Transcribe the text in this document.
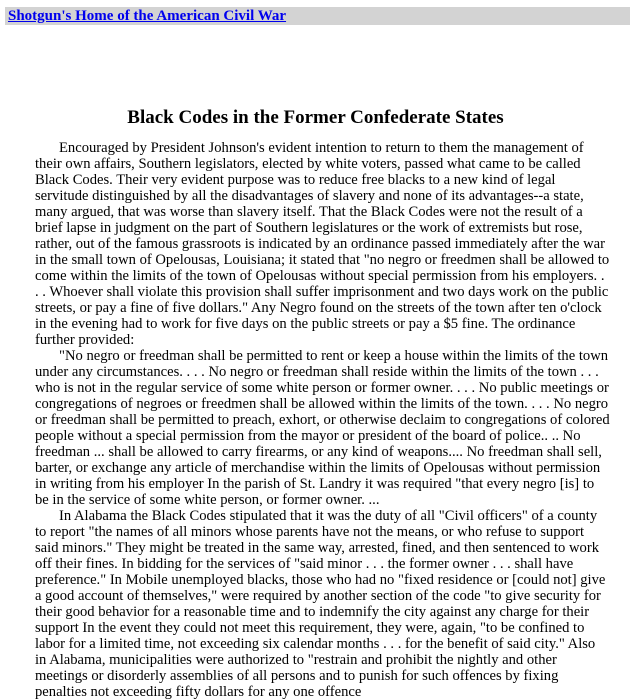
Shotgun's Home of the American Civil War
Black Codes in the Former Confederate States

Encouraged by President Johnson's evident intention to return to them the management of their own affairs, Southern legislators, elected by white voters, passed what came to be called Black Codes. Their very evident purpose was to reduce free blacks to a new kind of legal servitude distinguished by all the disadvantages of slavery and none of its advantages--a state, many argued, that was worse than slavery itself. That the Black Codes were not the result of a brief lapse in judgment on the part of Southern legislatures or the work of extremists but rose, rather, out of the famous grassroots is indicated by an ordinance passed immediately after the war in the small town of Opelousas, Louisiana; it stated that "no negro or freedmen shall be allowed to come within the limits of the town of Opelousas without special permission from his employers. . . . Whoever shall violate this provision shall suffer imprisonment and two days work on the public streets, or pay a fine of five dollars." Any Negro found on the streets of the town after ten o'clock in the evening had to work for five days on the public streets or pay a $5 fine. The ordinance further provided:

"No negro or freedman shall be permitted to rent or keep a house within the limits of the town under any circumstances. . . . No negro or freedman shall reside within the limits of the town . . . who is not in the regular service of some white person or former owner. . . . No public meetings or congregations of negroes or freedmen shall be allowed within the limits of the town. . . . No negro or freedman shall be permitted to preach, exhort, or otherwise declaim to congregations of colored people without a special permission from the mayor or president of the board of police.. .. No freedman ... shall be allowed to carry firearms, or any kind of weapons.... No freedman shall sell, barter, or exchange any article of merchandise within the limits of Opelousas without permission in writing from his employer In the parish of St. Landry it was required "that every negro [is] to be in the service of some white person, or former owner. ...

In Alabama the Black Codes stipulated that it was the duty of all "Civil officers" of a county to report "the names of all minors whose parents have not the means, or who refuse to support said minors." They might be treated in the same way, arrested, fined, and then sentenced to work off their fines. In bidding for the services of "said minor . . . the former owner . . . shall have preference." In Mobile unemployed blacks, those who had no "fixed residence or [could not] give a good account of themselves," were required by another section of the code "to give security for their good behavior for a reasonable time and to indemnify the city against any charge for their support In the event they could not meet this requirement, they were, again, "to be confined to labor for a limited time, not exceeding six calendar months . . . for the benefit of said city." Also in Alabama, municipalities were authorized to "restrain and prohibit the nightly and other meetings or disorderly assemblies of all persons and to punish for such offences by fixing penalties not exceeding fifty dollars for any one offence
